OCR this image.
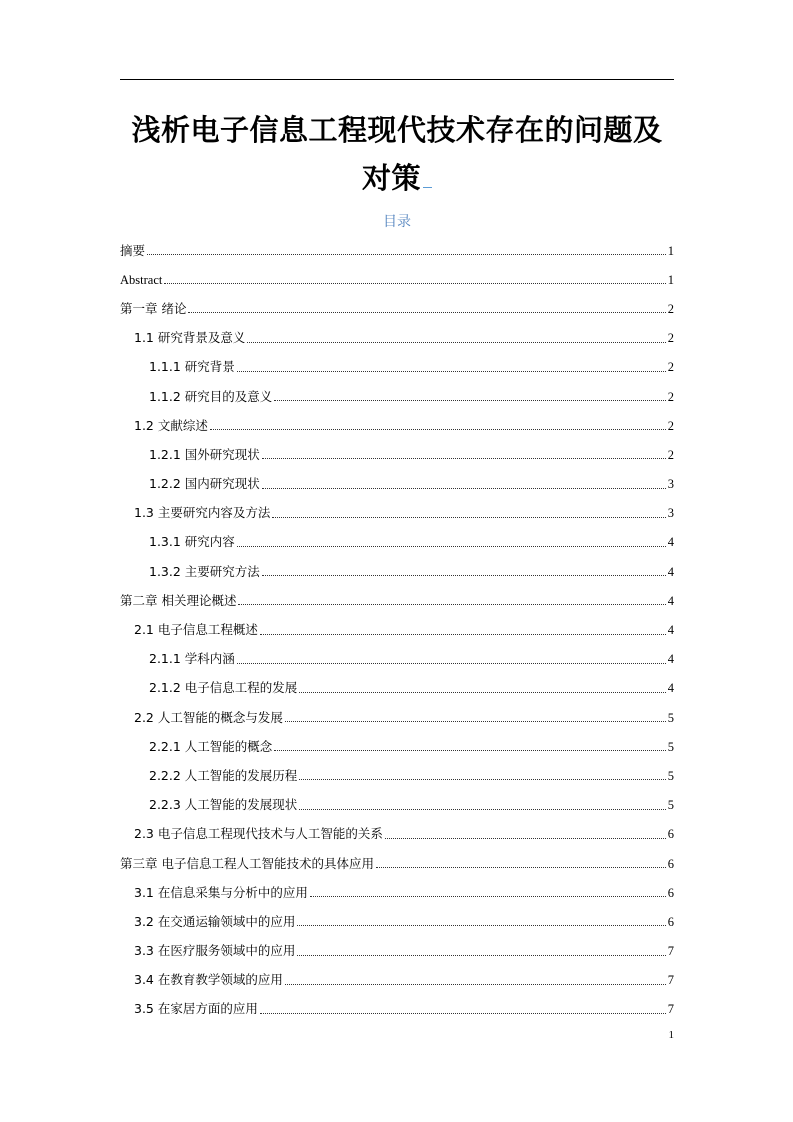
浅析电子信息工程现代技术存在的问题及
对策
目录
摘要	1
Abstract	1
第一章 绪论	2
1.1 研究背景及意义	2
1.1.1 研究背景	2
1.1.2 研究目的及意义	2
1.2 文献综述	2
1.2.1 国外研究现状	2
1.2.2 国内研究现状	3
1.3 主要研究内容及方法	3
1.3.1 研究内容	4
1.3.2 主要研究方法	4
第二章 相关理论概述	4
2.1 电子信息工程概述	4
2.1.1 学科内涵	4
2.1.2 电子信息工程的发展	4
2.2 人工智能的概念与发展	5
2.2.1 人工智能的概念	5
2.2.2 人工智能的发展历程	5
2.2.3 人工智能的发展现状	5
2.3 电子信息工程现代技术与人工智能的关系	6
第三章 电子信息工程人工智能技术的具体应用	6
3.1 在信息采集与分析中的应用	6
3.2 在交通运输领域中的应用	6
3.3 在医疗服务领域中的应用	7
3.4 在教育教学领域的应用	7
3.5 在家居方面的应用	7
1
